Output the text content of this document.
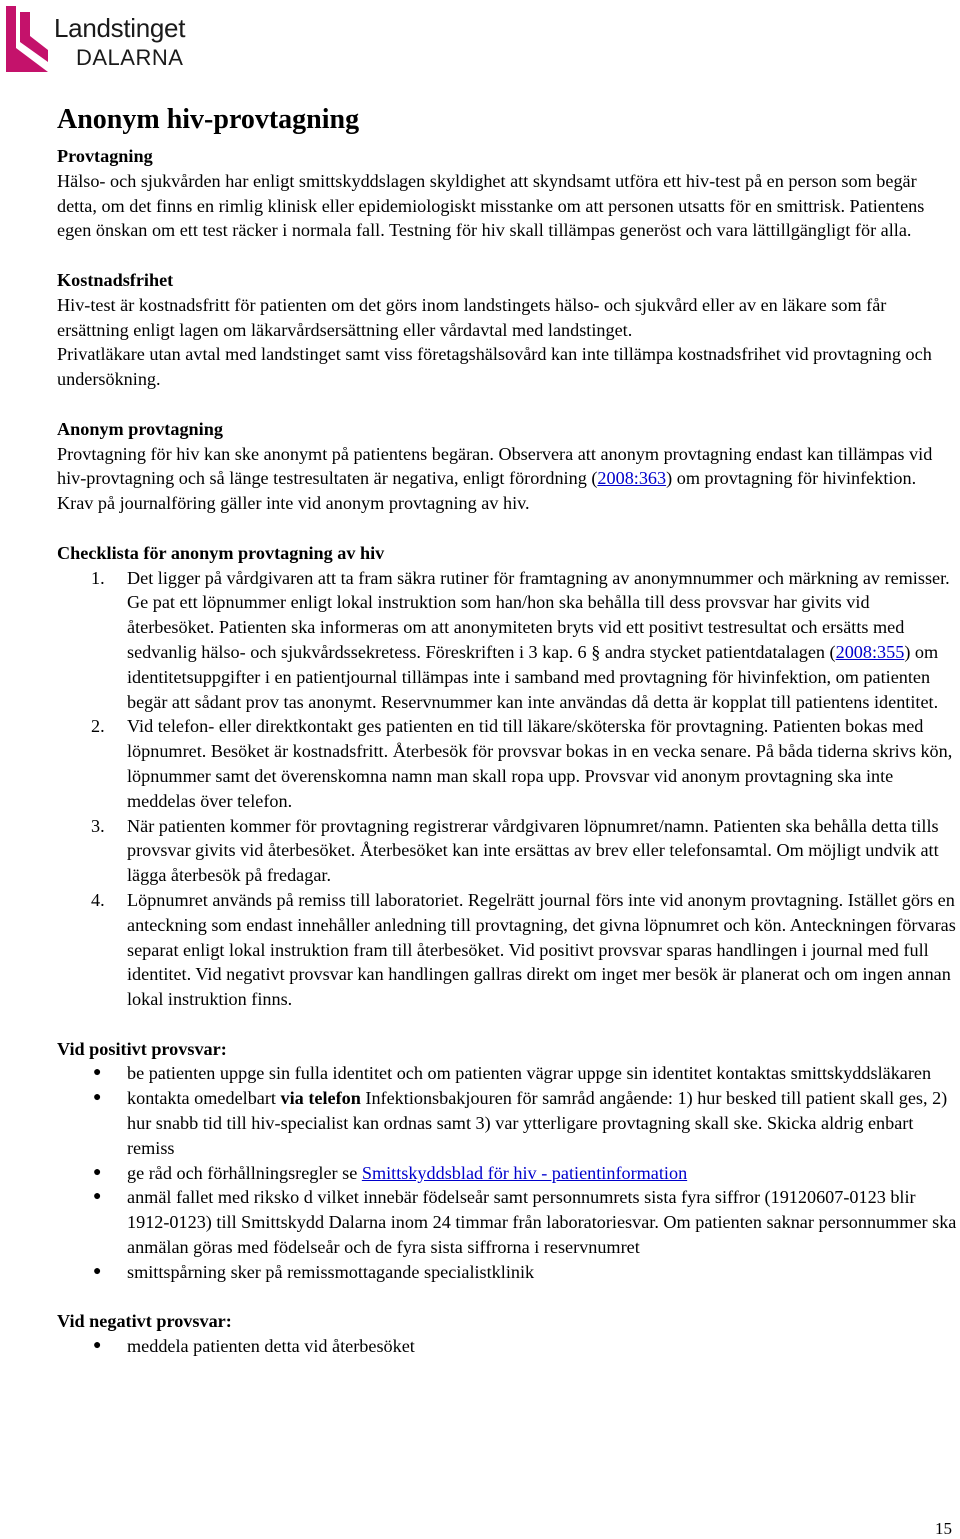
Landstinget
DALARNA
Anonym hiv-provtagning
Provtagning

Hälso- och sjukvården har enligt smittskyddslagen skyldighet att skyndsamt utföra ett hiv-test på en person som begär detta, om det finns en rimlig klinisk eller epidemiologiskt misstanke om att personen utsatts för en smittrisk. Patientens egen önskan om ett test räcker i normala fall. Testning för hiv skall tillämpas generöst och vara lättillgängligt för alla.

Kostnadsfrihet

Hiv-test är kostnadsfritt för patienten om det görs inom landstingets hälso- och sjukvård eller av en läkare som får ersättning enligt lagen om läkarvårdsersättning eller vårdavtal med landstinget.

Privatläkare utan avtal med landstinget samt viss företagshälsovård kan inte tillämpa kostnadsfrihet vid provtagning och undersökning.

Anonym provtagning

Provtagning för hiv kan ske anonymt på patientens begäran. Observera att anonym provtagning endast kan tillämpas vid hiv-provtagning och så länge testresultaten är negativa, enligt förordning (2008:363) om provtagning för hivinfektion. Krav på journalföring gäller inte vid anonym provtagning av hiv.

Checklista för anonym provtagning av hiv
1. Det ligger på vårdgivaren att ta fram säkra rutiner för framtagning av anonymnummer och märkning av remisser. Ge pat ett löpnummer enligt lokal instruktion som han/hon ska behålla till dess provsvar har givits vid återbesöket. Patienten ska informeras om att anonymiteten bryts vid ett positivt testresultat och ersätts med sedvanlig hälso- och sjukvårdssekretess. Föreskriften i 3 kap. 6 § andra stycket patientdatalagen (2008:355) om identitetsuppgifter i en patientjournal tillämpas inte i samband med provtagning för hivinfektion, om patienten begär att sådant prov tas anonymt. Reservnummer kan inte användas då detta är kopplat till patientens identitet.
2. Vid telefon- eller direktkontakt ges patienten en tid till läkare/sköterska för provtagning. Patienten bokas med löpnumret. Besöket är kostnadsfritt. Återbesök för provsvar bokas in en vecka senare. På båda tiderna skrivs kön, löpnummer samt det överenskomna namn man skall ropa upp. Provsvar vid anonym provtagning ska inte meddelas över telefon.
3. När patienten kommer för provtagning registrerar vårdgivaren löpnumret/namn. Patienten ska behålla detta tills provsvar givits vid återbesöket. Återbesöket kan inte ersättas av brev eller telefonsamtal. Om möjligt undvik att lägga återbesök på fredagar.
4. Löpnumret används på remiss till laboratoriet. Regelrätt journal förs inte vid anonym provtagning. Istället görs en anteckning som endast innehåller anledning till provtagning, det givna löpnumret och kön. Anteckningen förvaras separat enligt lokal instruktion fram till återbesöket. Vid positivt provsvar sparas handlingen i journal med full identitet. Vid negativt provsvar kan handlingen gallras direkt om inget mer besök är planerat och om ingen annan lokal instruktion finns.
Vid positivt provsvar:
● be patienten uppge sin fulla identitet och om patienten vägrar uppge sin identitet kontaktas smittskyddsläkaren
● kontakta omedelbart via telefon Infektionsbakjouren för samråd angående: 1) hur besked till patient skall ges, 2) hur snabb tid till hiv-specialist kan ordnas samt 3) var ytterligare provtagning skall ske. Skicka aldrig enbart remiss
● ge råd och förhållningsregler se Smittskyddsblad för hiv - patientinformation
● anmäl fallet med riksko d vilket innebär födelseår samt personnumrets sista fyra siffror (19120607-0123 blir 1912-0123) till Smittskydd Dalarna inom 24 timmar från laboratoriesvar. Om patienten saknar personnummer ska anmälan göras med födelseår och de fyra sista siffrorna i reservnumret
● smittspårning sker på remissmottagande specialistklinik
Vid negativt provsvar:
● meddela patienten detta vid återbesöket
15
